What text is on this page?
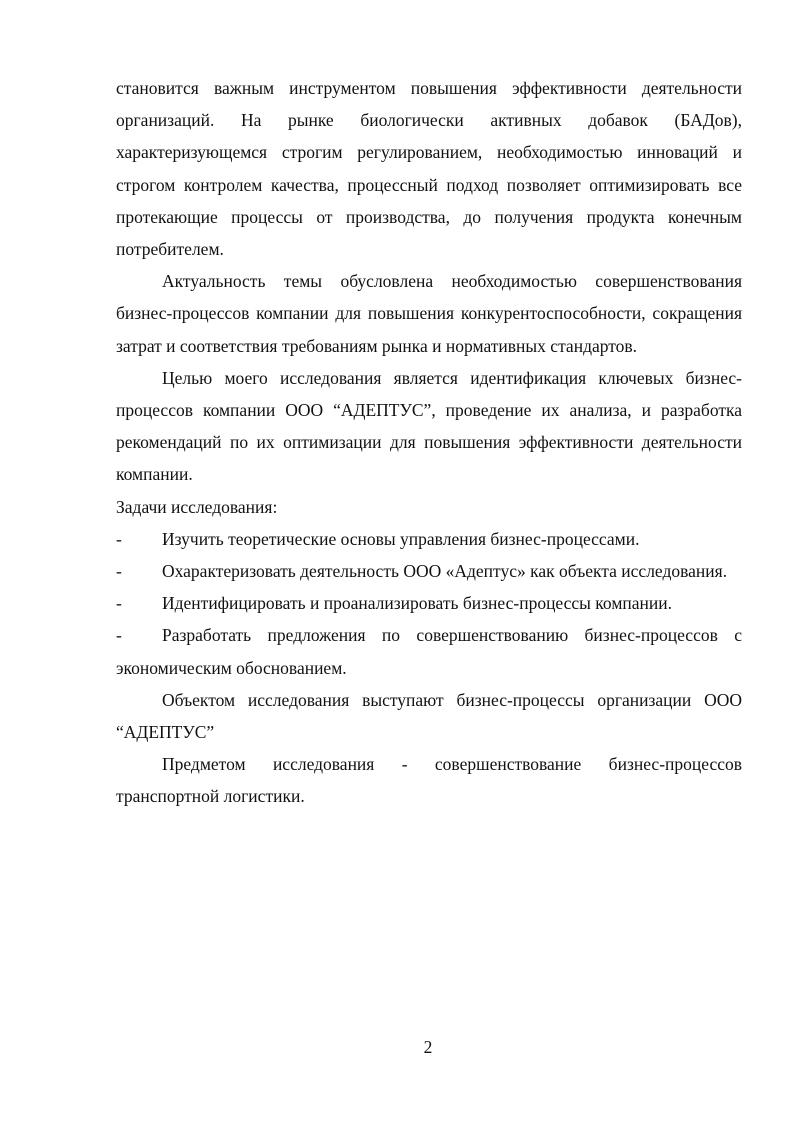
становится важным инструментом повышения эффективности деятельности организаций. На рынке биологически активных добавок (БАДов), характеризующемся строгим регулированием, необходимостью инноваций и строгом контролем качества, процессный подход позволяет оптимизировать все протекающие процессы от производства, до получения продукта конечным потребителем.

Актуальность темы обусловлена необходимостью совершенствования бизнес-процессов компании для повышения конкурентоспособности, сокращения затрат и соответствия требованиям рынка и нормативных стандартов.

Целью моего исследования является идентификация ключевых бизнес-процессов компании ООО “АДЕПТУС”, проведение их анализа, и разработка рекомендаций по их оптимизации для повышения эффективности деятельности компании.

Задачи исследования:

- Изучить теоретические основы управления бизнес-процессами.

- Охарактеризовать деятельность ООО «Адептус» как объекта исследования.

- Идентифицировать и проанализировать бизнес-процессы компании.

- Разработать предложения по совершенствованию бизнес-процессов с экономическим обоснованием.

Объектом исследования выступают бизнес-процессы организации ООО “АДЕПТУС”

Предметом исследования - совершенствование бизнес-процессов транспортной логистики.

2
